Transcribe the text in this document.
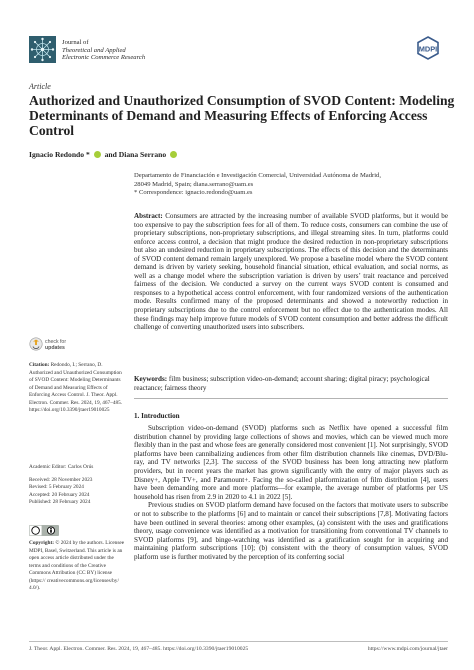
Journal of
Theoretical and Applied
Electronic Commerce Research
MDPI
Article
Authorized and Unauthorized Consumption of SVOD Content: Modeling Determinants of Demand and Measuring Effects of Enforcing Access Control
Ignacio Redondo * and Diana Serrano
Departamento de Financiación e Investigación Comercial, Universidad Autónoma de Madrid,
28049 Madrid, Spain; diana.serrano@uam.es
* Correspondence: ignacio.redondo@uam.es
Abstract: Consumers are attracted by the increasing number of available SVOD platforms, but it would be too expensive to pay the subscription fees for all of them. To reduce costs, consumers can combine the use of proprietary subscriptions, non-proprietary subscriptions, and illegal streaming sites. In turn, platforms could enforce access control, a decision that might produce the desired reduction in non-proprietary subscriptions but also an undesired reduction in proprietary subscriptions. The effects of this decision and the determinants of SVOD content demand remain largely unexplored. We propose a baseline model where the SVOD content demand is driven by variety seeking, household financial situation, ethical evaluation, and social norms, as well as a change model where the subscription variation is driven by users’ trait reactance and perceived fairness of the decision. We conducted a survey on the current ways SVOD content is consumed and responses to a hypothetical access control enforcement, with four randomized versions of the authentication mode. Results confirmed many of the proposed determinants and showed a noteworthy reduction in proprietary subscriptions due to the control enforcement but no effect due to the authentication modes. All these findings may help improve future models of SVOD content consumption and better address the difficult challenge of converting unauthorized users into subscribers.
Keywords: film business; subscription video-on-demand; account sharing; digital piracy; psychological reactance; fairness theory
1. Introduction

Subscription video-on-demand (SVOD) platforms such as Netflix have opened a successful film distribution channel by providing large collections of shows and movies, which can be viewed much more flexibly than in the past and whose fees are generally considered most convenient [1]. Not surprisingly, SVOD platforms have been cannibalizing audiences from other film distribution channels like cinemas, DVD/Blu-ray, and TV networks [2,3]. The success of the SVOD business has been long attracting new platform providers, but in recent years the market has grown significantly with the entry of major players such as Disney+, Apple TV+, and Paramount+. Facing the so-called platformization of film distribution [4], users have been demanding more and more platforms—for example, the average number of platforms per US household has risen from 2.9 in 2020 to 4.1 in 2022 [5].

Previous studies on SVOD platform demand have focused on the factors that motivate users to subscribe or not to subscribe to the platforms [6] and to maintain or cancel their subscriptions [7,8]. Motivating factors have been outlined in several theories: among other examples, (a) consistent with the uses and gratifications theory, usage convenience was identified as a motivation for transitioning from conventional TV channels to SVOD platforms [9], and binge-watching was identified as a gratification sought for in acquiring and maintaining platform subscriptions [10]; (b) consistent with the theory of consumption values, SVOD platform use is further motivated by the perception of its conferring social

check for
updates
Citation: Redondo, I.; Serrano, D. Authorized and Unauthorized Consumption of SVOD Content: Modeling Determinants of Demand and Measuring Effects of Enforcing Access Control. J. Theor. Appl. Electron. Commer. Res. 2024, 19, 467–485. https://doi.org/10.3390/jtaer19010025
Academic Editor: Carlos Orús
Received: 28 November 2023
Revised: 5 February 2024
Accepted: 20 February 2024
Published: 28 February 2024
Copyright: © 2024 by the authors. Licensee MDPI, Basel, Switzerland. This article is an open access article distributed under the terms and conditions of the Creative Commons Attribution (CC BY) license (https:// creativecommons.org/licenses/by/ 4.0/).
J. Theor. Appl. Electron. Commer. Res. 2024, 19, 467–485. https://doi.org/10.3390/jtaer19010025	https://www.mdpi.com/journal/jtaer
